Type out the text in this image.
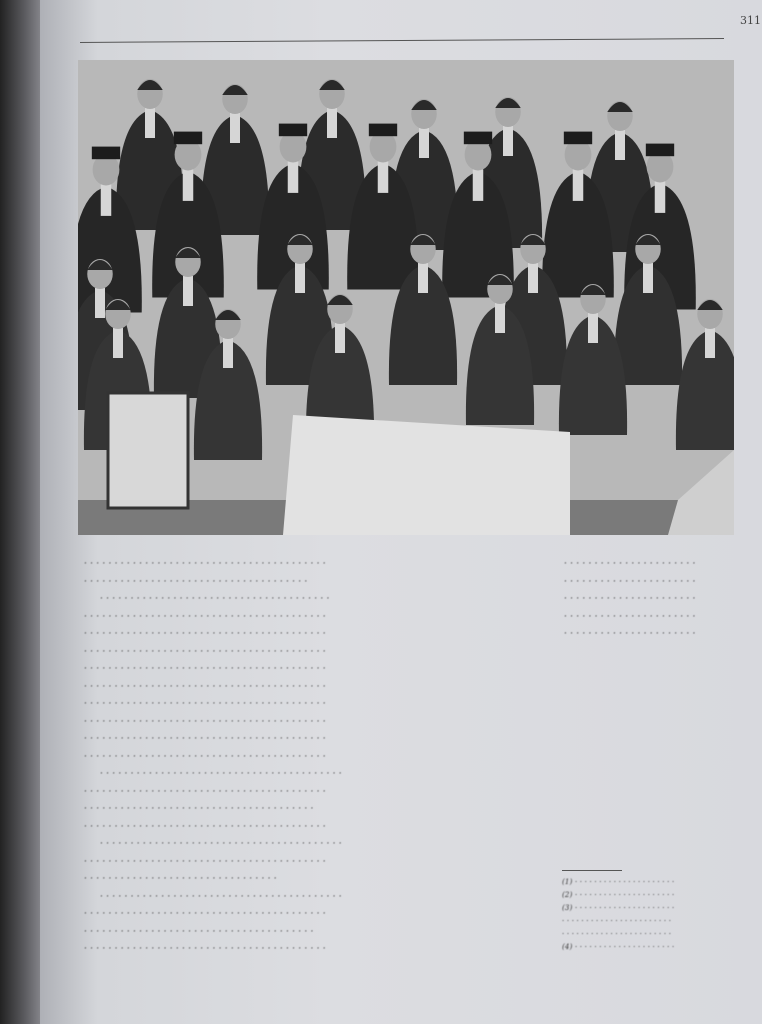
311
· · · · · · · · · · · · · · · · · · · · · · · · · · · · · · · · · · · · · · · ·
· · · · · · · · · · · · · · · · · · · · · · · · · · · · · · · · · · · · ·
· · · · · · · · · · · · · · · · · · · · · · · · · · · · · · · · · · · · · ·
· · · · · · · · · · · · · · · · · · · · · · · · · · · · · · · · · · · · · · · ·
· · · · · · · · · · · · · · · · · · · · · · · · · · · · · · · · · · · · · · · ·
· · · · · · · · · · · · · · · · · · · · · · · · · · · · · · · · · · · · · · · ·
· · · · · · · · · · · · · · · · · · · · · · · · · · · · · · · · · · · · · · · ·
· · · · · · · · · · · · · · · · · · · · · · · · · · · · · · · · · · · · · · · ·
· · · · · · · · · · · · · · · · · · · · · · · · · · · · · · · · · · · · · · · ·
· · · · · · · · · · · · · · · · · · · · · · · · · · · · · · · · · · · · · · · ·
· · · · · · · · · · · · · · · · · · · · · · · · · · · · · · · · · · · · · · · ·
· · · · · · · · · · · · · · · · · · · · · · · · · · · · · · · · · · · · · · · ·
· · · · · · · · · · · · · · · · · · · · · · · · · · · · · · · · · · · · · · · ·
· · · · · · · · · · · · · · · · · · · · · · · · · · · · · · · · · · · · · · · ·
· · · · · · · · · · · · · · · · · · · · · · · · · · · · · · · · · · · · · ·
· · · · · · · · · · · · · · · · · · · · · · · · · · · · · · · · · · · · · · · ·
· · · · · · · · · · · · · · · · · · · · · · · · · · · · · · · · · · · · · · · ·
· · · · · · · · · · · · · · · · · · · · · · · · · · · · · · · · · · · · · · · ·
· · · · · · · · · · · · · · · · · · · · · · · · · · · · · · · ·
· · · · · · · · · · · · · · · · · · · · · · · · · · · · · · · · · · · · · · · ·
· · · · · · · · · · · · · · · · · · · · · · · · · · · · · · · · · · · · · · · ·
· · · · · · · · · · · · · · · · · · · · · · · · · · · · · · · · · · · · · ·
· · · · · · · · · · · · · · · · · · · · · · · · · · · · · · · · · · · · · · · ·
· · · · · · · · · · · · · · · · · · · · · ·
· · · · · · · · · · · · · · · · · · · · · ·
· · · · · · · · · · · · · · · · · · · · · ·
· · · · · · · · · · · · · · · · · · · · · ·
· · · · · · · · · · · · · · · · · · · · · ·
(1) · · · · · · · · · · · · · · · · · · · · ·
(2) · · · · · · · · · · · · · · · · · · · · ·
(3) · · · · · · · · · · · · · · · · · · · · ·
· · · · · · · · · · · · · · · · · · · · · · ·
· · · · · · · · · · · · · · · · · · · · · · ·
(4) · · · · · · · · · · · · · · · · · · · · ·
